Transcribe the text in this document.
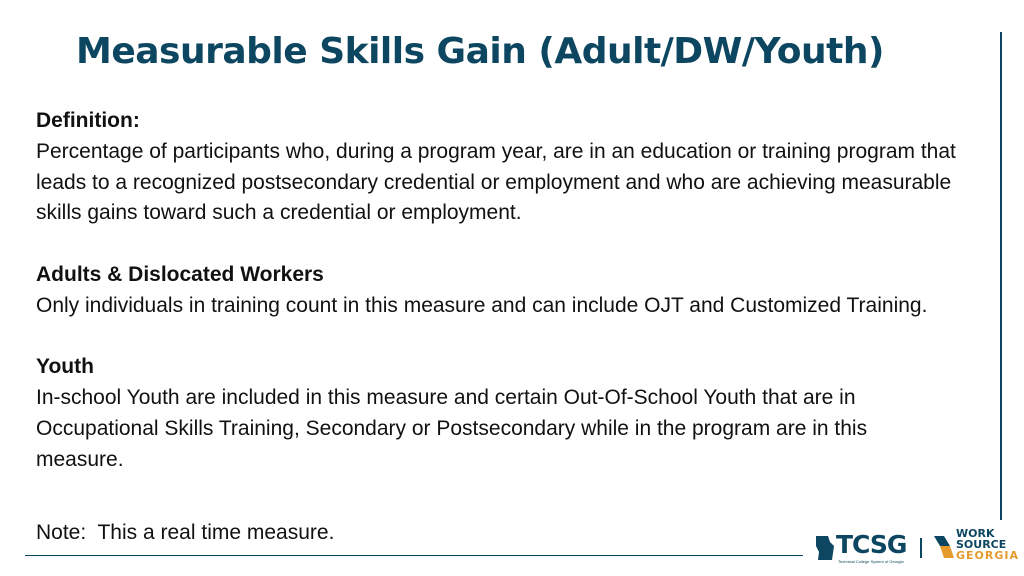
Measurable Skills Gain (Adult/DW/Youth)

Definition:
Percentage of participants who, during a program year, are in an education or training program that leads to a recognized postsecondary credential or employment and who are achieving measurable skills gains toward such a credential or employment.

Adults & Dislocated Workers
Only individuals in training count in this measure and can include OJT and Customized Training.

Youth
In-school Youth are included in this measure and certain Out-Of-School Youth that are in Occupational Skills Training, Secondary or Postsecondary while in the program are in this measure.

Note:  This a real time measure.	TCSG
Technical College System of Georgia
WORK
SOURCE
GEORGIA
